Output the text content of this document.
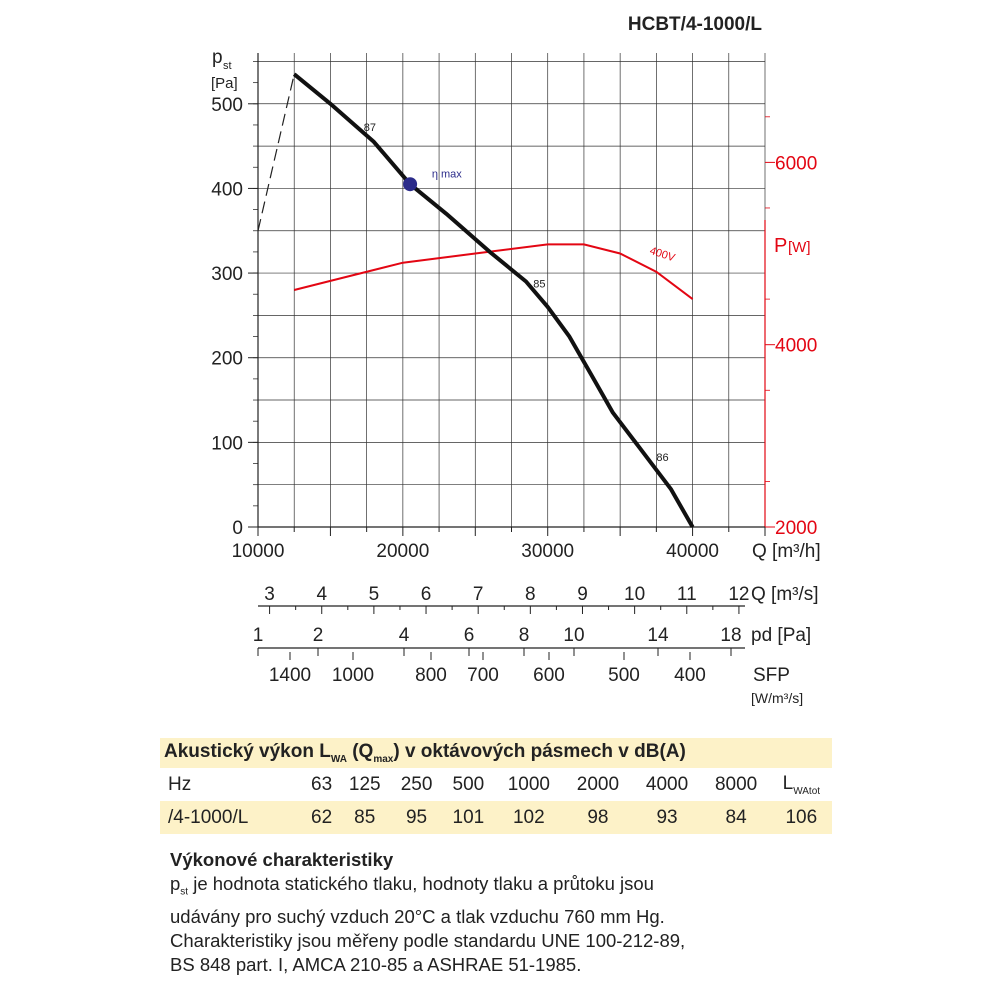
HCBT/4-1000/L
0
100
200
300
400
500
p st
[Pa]
2000
4000
6000
P [W]
10000	20000	30000	40000 Q [m³/h]
87
85
86
η max
400V
3 4 5 6 7 8 9 10 11 12 Q [m³/s]
1	2	4	6 8 10	14	18 pd [Pa]
1400 1000 800 700 600 500 400 SFP
[W/m³/s]
Akustický výkon $L_{WA}$ $(Q_{max})$ v oktávových pásmech v dB(A)									
Hz	63	125	250	500	1000	2000	4000	8000	$L_{WAtot}$
/4-1000/L	62	85	95	101	102	98	93	84	106
Výkonové charakteristiky
$p_{st}$ je hodnota statického tlaku, hodnoty tlaku a průtoku jsou
udávány pro suchý vzduch 20°C a tlak vzduchu 760 mm Hg.
Charakteristiky jsou měřeny podle standardu UNE 100-212-89,
BS 848 part. I, AMCA 210-85 a ASHRAE 51-1985.
